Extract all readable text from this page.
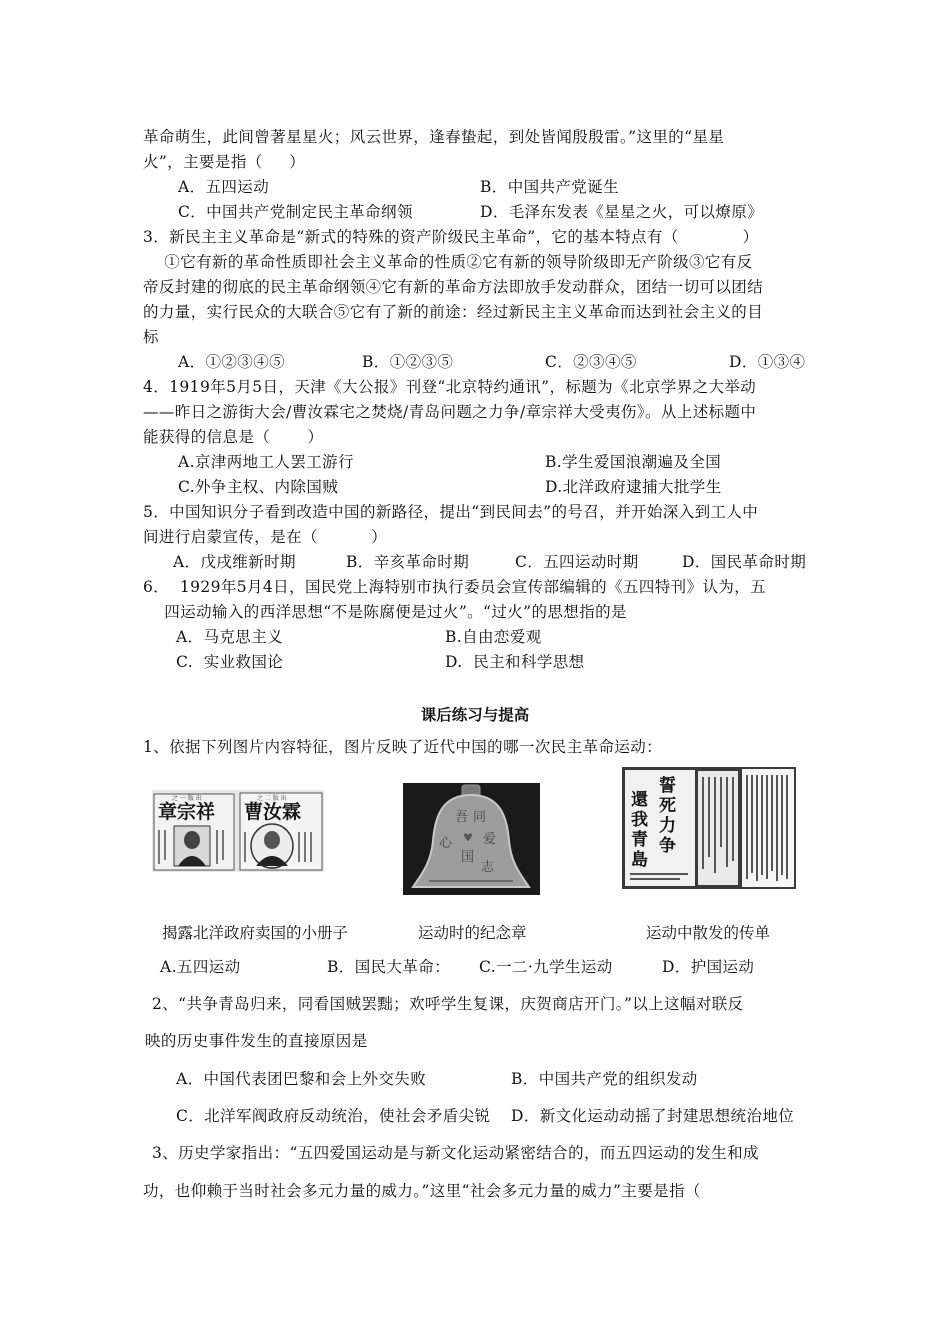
革命萌生，此间曾著星星火；风云世界，逢春蛰起，到处皆闻殷殷雷。”这里的“星星
火”，主要是指（     ）
A．五四运动	B．中国共产党诞生
C．中国共产党制定民主革命纲领	D．毛泽东发表《星星之火，可以燎原》
3．新民主主义革命是“新式的特殊的资产阶级民主革命”，它的基本特点有（            ）
①它有新的革命性质即社会主义革命的性质②它有新的领导阶级即无产阶级③它有反
帝反封建的彻底的民主革命纲领④它有新的革命方法即放手发动群众，团结一切可以团结
的力量，实行民众的大联合⑤它有了新的前途：经过新民主主义革命而达到社会主义的目
标
A．①②③④⑤	B．①②③⑤	C．②③④⑤	D．①③④
4．1919年5月5日，天津《大公报》刊登“北京特约通讯”，标题为《北京学界之大举动
——昨日之游街大会/曹汝霖宅之焚烧/青岛问题之力争/章宗祥大受夷伤》。从上述标题中
能获得的信息是（       ）
A.京津两地工人罢工游行	B.学生爱国浪潮遍及全国
C.外争主权、内除国贼	D.北洋政府逮捕大批学生
5．中国知识分子看到改造中国的新路径，提出“到民间去”的号召，并开始深入到工人中
间进行启蒙宣传，是在（          ）
A．戊戌维新时期	B．辛亥革命时期	C．五四运动时期	D．国民革命时期
6．  1929年5月4日，国民党上海特别市执行委员会宣传部编辑的《五四特刊》认为，五
四运动输入的西洋思想“不是陈腐便是过火”。“过火”的思想指的是
A．马克思主义	B.自由恋爱观
C.  实业救国论	D.  民主和科学思想
课后练习与提高
1、依据下列图片内容特征，图片反映了近代中国的哪一次民主革命运动：
之 一 版 出	之 二 版 出
章宗祥 曹汝霖	吾 同
爱
国
志
心
誓
死
力
争
還
我
青
島
揭露北洋政府卖国的小册子	运动时的纪念章	运动中散发的传单
A.五四运动	B．国民大革命： C.一二·九学生运动	D．护国运动
2、“共争青岛归来，同看国贼罢黜；欢呼学生复课，庆贺商店开门。”以上这幅对联反
映的历史事件发生的直接原因是
A．中国代表团巴黎和会上外交失败	B．中国共产党的组织发动
C．北洋军阀政府反动统治，使社会矛盾尖锐 D．新文化运动动摇了封建思想统治地位
3、历史学家指出：“五四爱国运动是与新文化运动紧密结合的，而五四运动的发生和成
功，也仰赖于当时社会多元力量的威力。”这里“社会多元力量的威力”主要是指（
